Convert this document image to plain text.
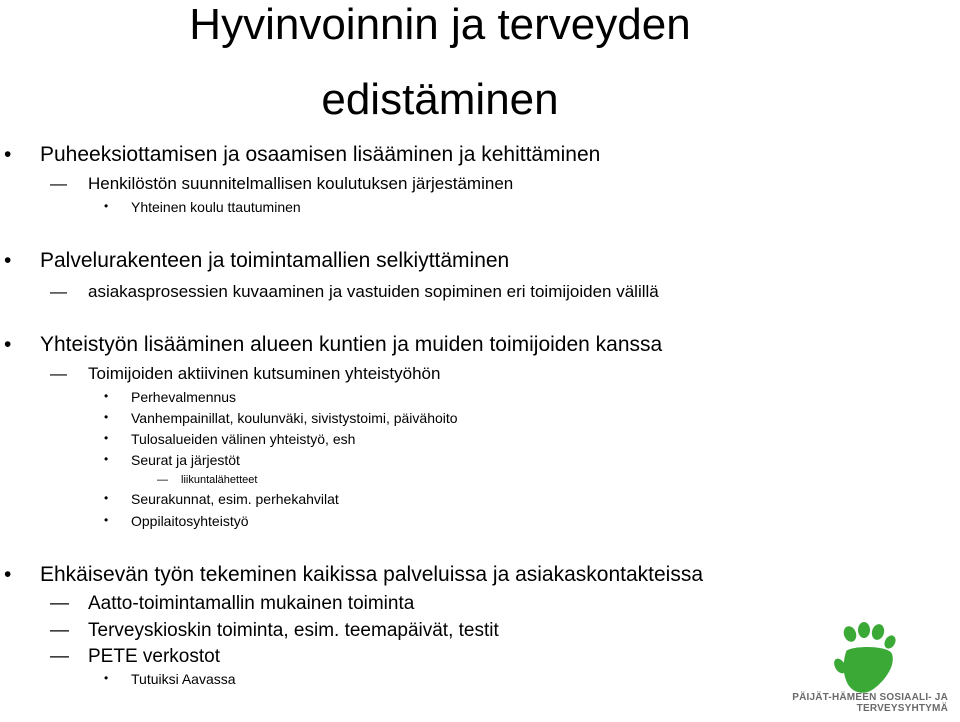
Hyvinvoinnin ja terveyden
edistäminen
• Puheeksiottamisen ja osaamisen lisääminen ja kehittäminen
— Henkilöstön suunnitelmallisen koulutuksen järjestäminen
• Yhteinen koulu ttautuminen
• Palvelurakenteen ja toimintamallien selkiyttäminen
— asiakasprosessien kuvaaminen ja vastuiden sopiminen eri toimijoiden välillä
• Yhteistyön lisääminen alueen kuntien ja muiden toimijoiden kanssa
— Toimijoiden aktiivinen kutsuminen yhteistyöhön
• Perhevalmennus
• Vanhempainillat, koulunväki, sivistystoimi, päivähoito
• Tulosalueiden välinen yhteistyö, esh
• Seurat ja järjestöt
— liikuntalähetteet
• Seurakunnat, esim. perhekahvilat
• Oppilaitosyhteistyö
• Ehkäisevän työn tekeminen kaikissa palveluissa ja asiakaskontakteissa
— Aatto-toimintamallin mukainen toiminta
— Terveyskioskin toiminta, esim. teemapäivät, testit
— PETE verkostot
• Tutuiksi Aavassa
PÄIJÄT-HÄMEEN SOSIAALI- JA TERVEYSYHTYMÄ
